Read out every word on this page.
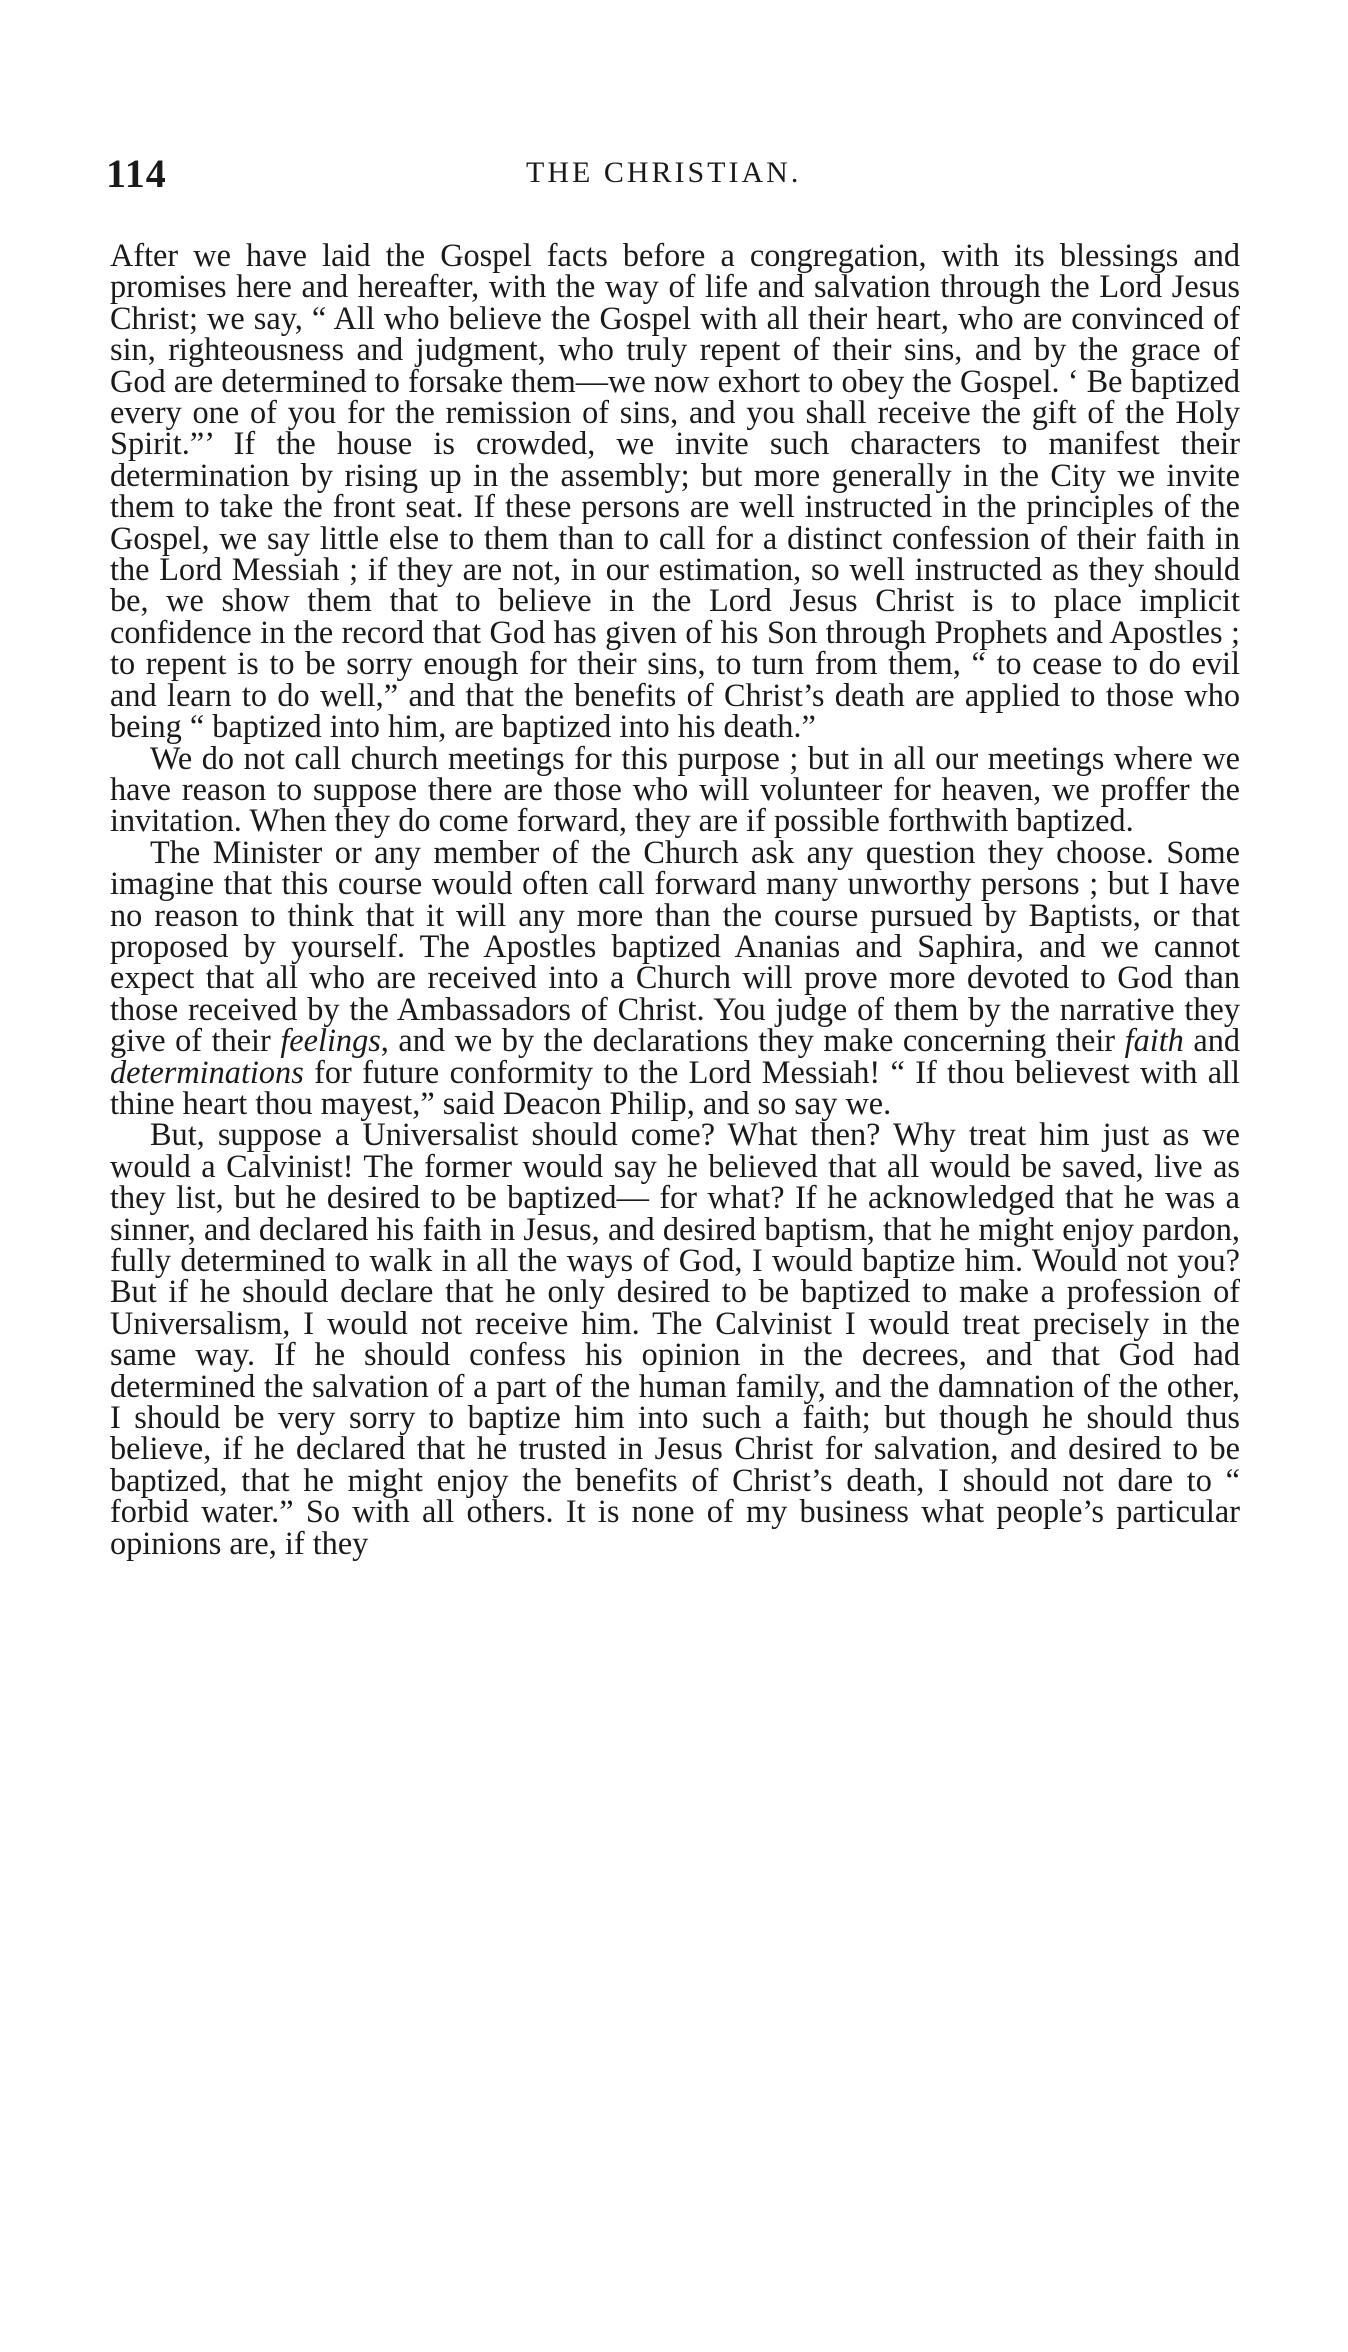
114	THE CHRISTIAN.

After we have laid the Gospel facts before a congregation, with its blessings and promises here and hereafter, with the way of life and salvation through the Lord Jesus Christ; we say, “ All who believe the Gospel with all their heart, who are convinced of sin, righteousness and judgment, who truly repent of their sins, and by the grace of God are determined to forsake them—we now exhort to obey the Gospel. ‘ Be baptized every one of you for the remission of sins, and you shall receive the gift of the Holy Spirit.”’ If the house is crowded, we invite such characters to manifest their determination by rising up in the assembly; but more generally in the City we invite them to take the front seat. If these persons are well instructed in the principles of the Gospel, we say little else to them than to call for a distinct confession of their faith in the Lord Messiah ; if they are not, in our estimation, so well instructed as they should be, we show them that to believe in the Lord Jesus Christ is to place implicit confidence in the record that God has given of his Son through Prophets and Apostles ; to repent is to be sorry enough for their sins, to turn from them, “ to cease to do evil and learn to do well,” and that the benefits of Christ’s death are applied to those who being “ baptized into him, are baptized into his death.”

We do not call church meetings for this purpose ; but in all our meetings where we have reason to suppose there are those who will volunteer for heaven, we proffer the invitation. When they do come forward, they are if possible forthwith baptized.

The Minister or any member of the Church ask any question they choose. Some imagine that this course would often call forward many unworthy persons ; but I have no reason to think that it will any more than the course pursued by Baptists, or that proposed by yourself. The Apostles baptized Ananias and Saphira, and we cannot expect that all who are received into a Church will prove more devoted to God than those received by the Ambassadors of Christ. You judge of them by the narrative they give of their feelings, and we by the declarations they make concerning their faith and determinations for future conformity to the Lord Messiah! “ If thou believest with all thine heart thou mayest,” said Deacon Philip, and so say we.

But, suppose a Universalist should come? What then? Why treat him just as we would a Calvinist! The former would say he believed that all would be saved, live as they list, but he desired to be baptized— for what? If he acknowledged that he was a sinner, and declared his faith in Jesus, and desired baptism, that he might enjoy pardon, fully determined to walk in all the ways of God, I would baptize him. Would not you? But if he should declare that he only desired to be baptized to make a profession of Universalism, I would not receive him. The Calvinist I would treat precisely in the same way. If he should confess his opinion in the decrees, and that God had determined the salvation of a part of the human family, and the damnation of the other, I should be very sorry to baptize him into such a faith; but though he should thus believe, if he declared that he trusted in Jesus Christ for salvation, and desired to be baptized, that he might enjoy the benefits of Christ’s death, I should not dare to “ forbid water.” So with all others. It is none of my business what people’s particular opinions are, if they
